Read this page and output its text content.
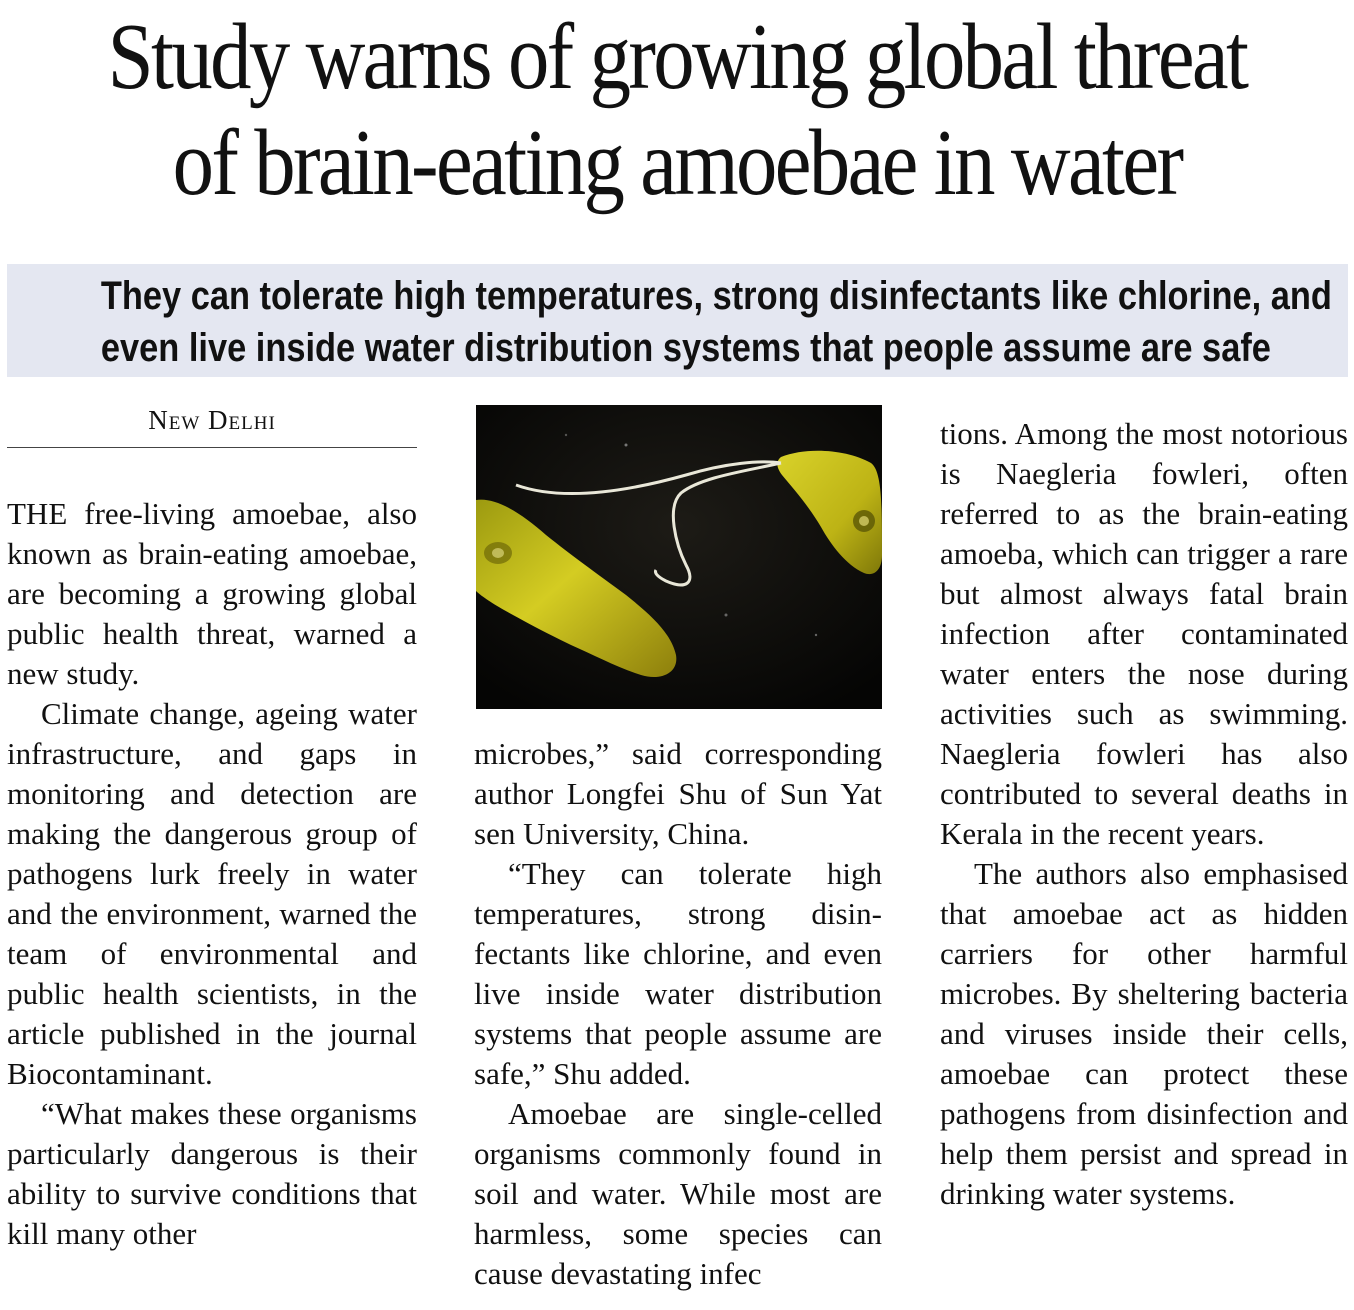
Study warns of growing global threat
of brain-eating amoebae in water
They can tolerate high temperatures, strong disinfectants like chlorine, and
even live inside water distribution systems that people assume are safe
New Delhi

THE free-living amoebae, also known as brain-eating amoebae, are becoming a growing global public health threat, warned a new study.

Climate change, ageing water infrastructure, and gaps in monitoring and detection are making the dangerous group of pathogens lurk freely in water and the environment, warned the team of environmental and public health scientists, in the article published in the journal Biocontaminant.

“What makes these organisms particularly dangerous is their ability to survive conditions that kill many other

microbes,” said corresponding author Longfei Shu of Sun Yat sen University, China.

“They can tolerate high temperatures, strong disinfectants like chlorine, and even live inside water distribution systems that people assume are safe,” Shu added.

Amoebae are single-celled organisms commonly found in soil and water. While most are harmless, some species can cause devastating infec

tions. Among the most notorious is Naegleria fowleri, often referred to as the brain-eating amoeba, which can trigger a rare but almost always fatal brain infection after contaminated water enters the nose during activities such as swimming. Naegleria fowleri has also contributed to several deaths in Kerala in the recent years.

The authors also emphasised that amoebae act as hidden carriers for other harmful microbes. By sheltering bacteria and viruses inside their cells, amoebae can protect these pathogens from disinfection and help them persist and spread in drinking water systems.
